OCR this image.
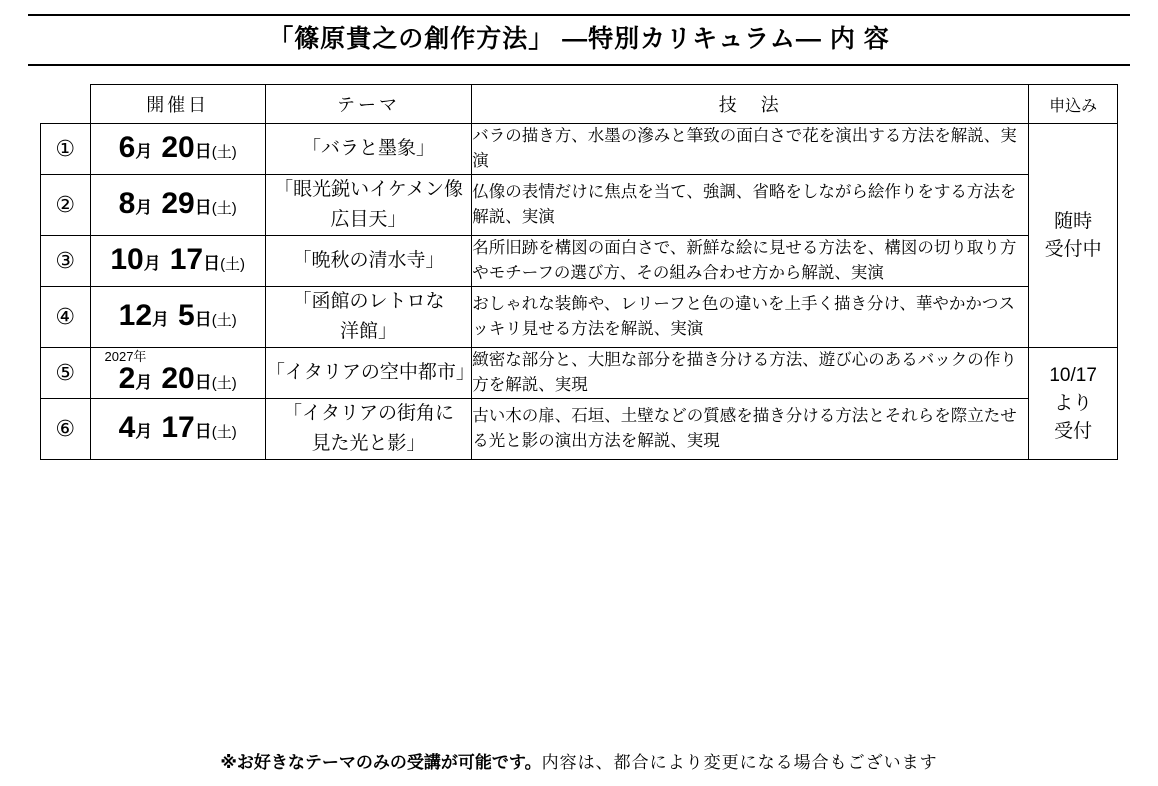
「篠原貴之の創作方法」 ―特別カリキュラム― 内 容
	開催日	テーマ	技　法	申込み
①	6月 20日(土)	「バラと墨象」	バラの描き方、水墨の滲みと筆致の面白さで花を演出する方法を解説、実演	随時
受付中
②	8月 29日(土)	「眼光鋭いイケメン像
広目天」	仏像の表情だけに焦点を当て、強調、省略をしながら絵作りをする方法を解説、実演	
③	10月 17日(土)	「晩秋の清水寺」	名所旧跡を構図の面白さで、新鮮な絵に見せる方法を、構図の切り取り方やモチーフの選び方、その組み合わせ方から解説、実演	
④	12月 5日(土)	「函館のレトロな
洋館」	おしゃれな装飾や、レリーフと色の違いを上手く描き分け、華やかかつスッキリ見せる方法を解説、実演	
⑤	2027年
2月 20日(土)	「イタリアの空中都市」	緻密な部分と、大胆な部分を描き分ける方法、遊び心のあるバックの作り方を解説、実現	10/17
より
受付
⑥	4月 17日(土)	「イタリアの街角に
見た光と影」	古い木の扉、石垣、土壁などの質感を描き分ける方法とそれらを際立たせる光と影の演出方法を解説、実現	
※お好きなテーマのみの受講が可能です。内容は、都合により変更になる場合もございます
